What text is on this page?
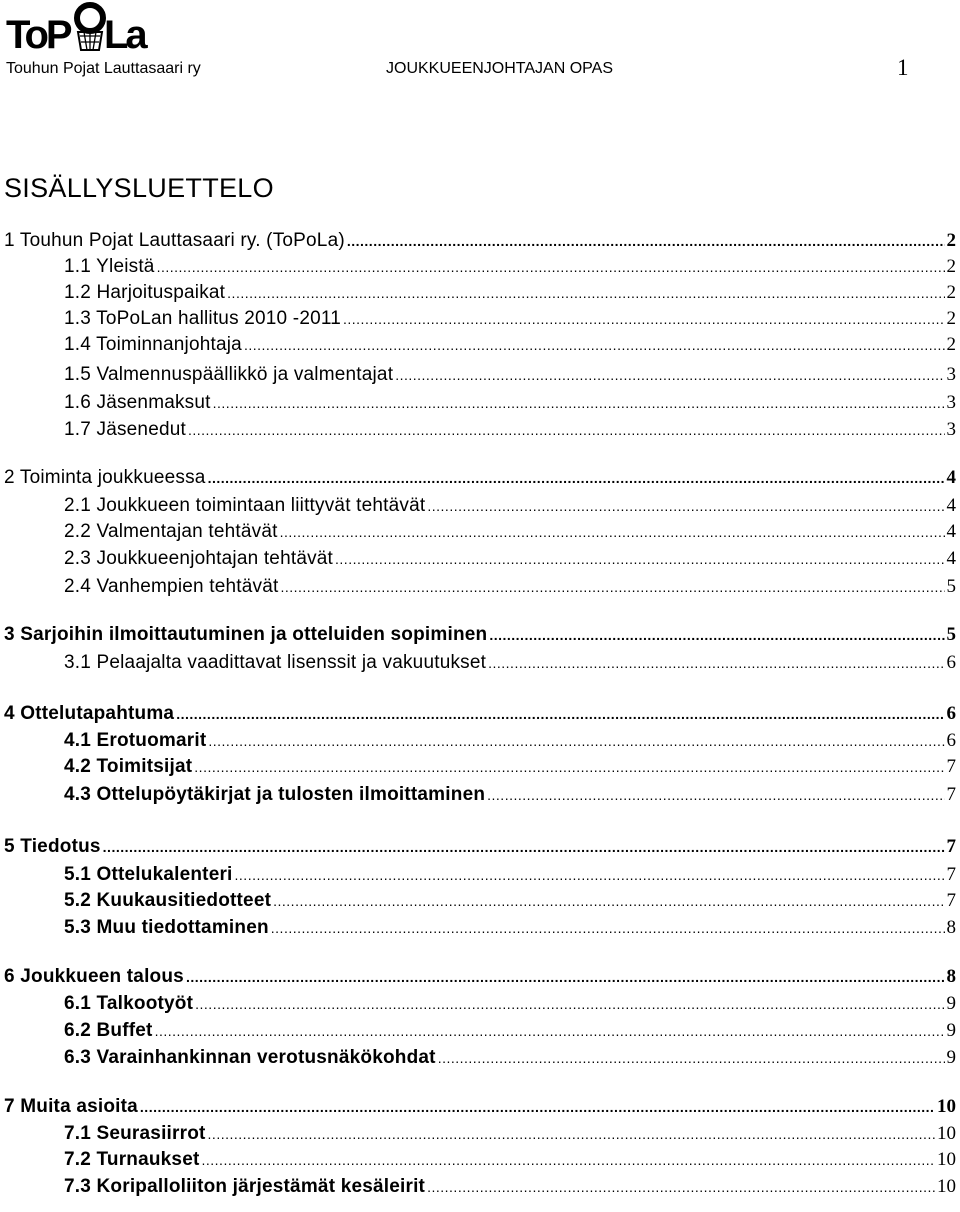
ToP La
Touhun Pojat Lauttasaari ry	JOUKKUEENJOHTAJAN OPAS	1
SISÄLLYSLUETTELO
1 Touhun Pojat Lauttasaari ry. (ToPoLa) .....	2
1.1 Yleistä .....	2
1.2 Harjoituspaikat .....	2
1.3 ToPoLan hallitus 2010 -2011 .....	2
1.4 Toiminnanjohtaja .....	2
1.5 Valmennuspäällikkö ja valmentajat .....	3
1.6 Jäsenmaksut .....	3
1.7 Jäsenedut .....	3
2 Toiminta joukkueessa .....	4
2.1 Joukkueen toimintaan liittyvät tehtävät .....	4
2.2 Valmentajan tehtävät .....	4
2.3 Joukkueenjohtajan tehtävät .....	4
2.4 Vanhempien tehtävät .....	5
3 Sarjoihin ilmoittautuminen ja otteluiden sopiminen .....	5
3.1 Pelaajalta vaadittavat lisenssit ja vakuutukset .....	6
4 Ottelutapahtuma .....	6
4.1 Erotuomarit .....	6
4.2 Toimitsijat .....	7
4.3 Ottelupöytäkirjat ja tulosten ilmoittaminen .....	7
5 Tiedotus .....	7
5.1 Ottelukalenteri .....	7
5.2 Kuukausitiedotteet .....	7
5.3 Muu tiedottaminen .....	8
6 Joukkueen talous .....	8
6.1 Talkootyöt .....	9
6.2 Buffet .....	9
6.3 Varainhankinnan verotusnäkökohdat .....	9
7 Muita asioita .....	10
7.1 Seurasiirrot .....	10
7.2 Turnaukset .....	10
7.3 Koripalloliiton järjestämät kesäleirit .....	10
